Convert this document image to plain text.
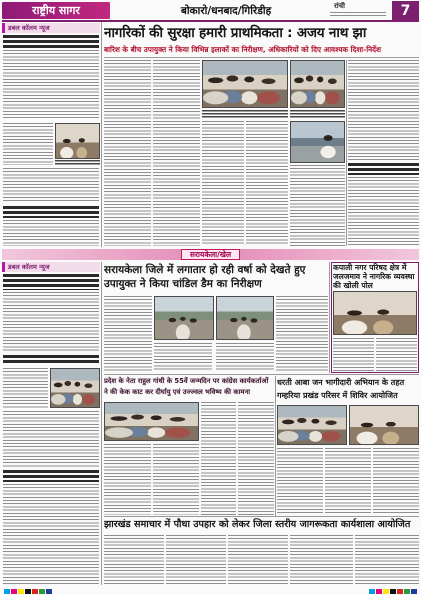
राष्ट्रीय सागर	बोकारो/धनबाद/गिरिडीह	रांची	7
डबल कॉलम न्यूज	नागरिकों की सुरक्षा हमारी प्राथमिकता : अजय नाथ झा
बारिश के बीच उपायुक्त ने किया विभिन्न इलाकों का निरीक्षण, अधिकारियों को दिए आवश्यक दिशा-निर्देश
सरायकेला/खेल
डबल कॉलम न्यूज	सरायकेला जिले में लगातार हो रही वर्षा को देखते हुए उपायुक्त ने किया चांडिल डैम का निरीक्षण
कपाली नगर परिषद क्षेत्र में जलजमाव ने नागरिक व्यवस्था की खोली पोल
प्रदेश के नेता राहुल गांधी के 55वें जन्मदिन पर कांग्रेस कार्यकर्ताओं ने की केक काट कर दीर्घायु एवं उज्ज्वल भविष्य की कामना
धरती आबा जन भागीदारी अभियान के तहत गम्हरिया प्रखंड परिसर में शिविर आयोजित
झारखंड समाचार में पौधा उपहार को लेकर जिला स्तरीय जागरूकता कार्यशाला आयोजित
